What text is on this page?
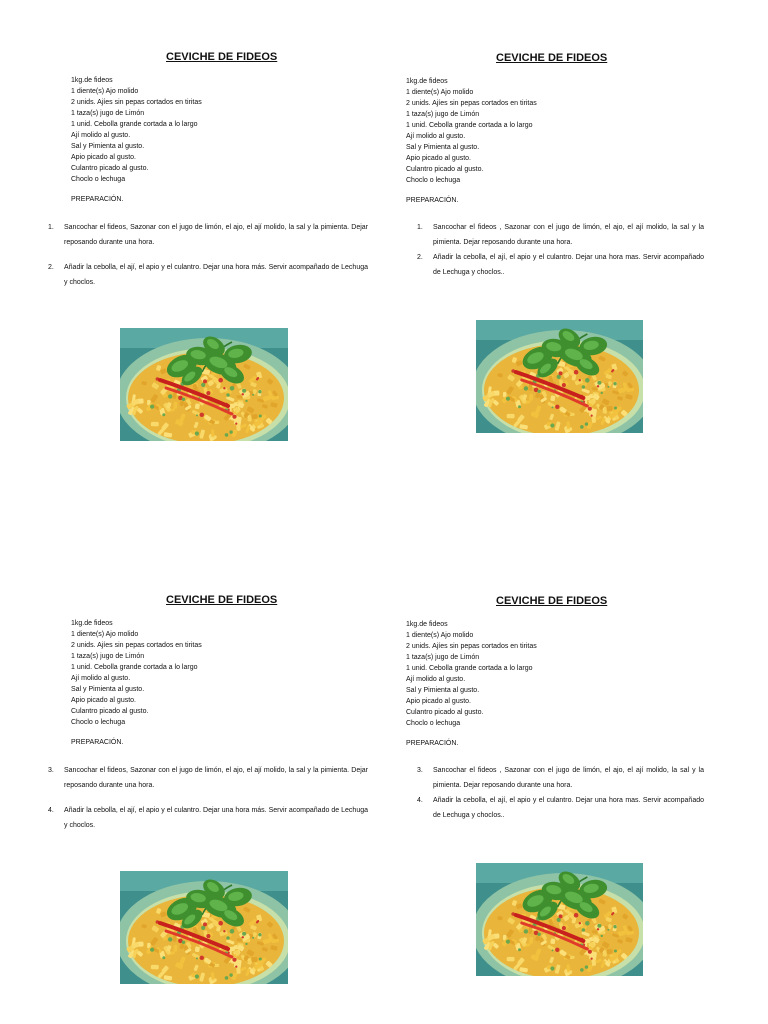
CEVICHE DE FIDEOS
1kg.de fideos
1 diente(s) Ajo molido
2 unids. Ajíes sin pepas cortados en tiritas
1 taza(s) jugo de Limón
1 unid. Cebolla grande cortada a lo largo
Ají molido al gusto.
Sal y Pimienta al gusto.
Apio picado al gusto.
Culantro picado al gusto.
Choclo o lechuga
PREPARACIÓN.
1. Sancochar el fideos, Sazonar con el jugo de limón, el ajo, el ají molido, la sal y la pimienta. Dejar reposando durante una hora.
2. Añadir la cebolla, el ají, el apio y el culantro. Dejar una hora más. Servir acompañado de Lechuga y choclos.
CEVICHE DE FIDEOS
1kg.de fideos
1 diente(s) Ajo molido
2 unids. Ajíes sin pepas cortados en tiritas
1 taza(s) jugo de Limón
1 unid. Cebolla grande cortada a lo largo
Ají molido al gusto.
Sal y Pimienta al gusto.
Apio picado al gusto.
Culantro picado al gusto.
Choclo o lechuga
PREPARACIÓN.
1. Sancochar el fideos , Sazonar con el jugo de limón, el ajo, el ají molido, la sal y la pimienta. Dejar reposando durante una hora.
2. Añadir la cebolla, el ají, el apio y el culantro. Dejar una hora mas. Servir acompañado de Lechuga y choclos..
CEVICHE DE FIDEOS
1kg.de fideos
1 diente(s) Ajo molido
2 unids. Ajíes sin pepas cortados en tiritas
1 taza(s) jugo de Limón
1 unid. Cebolla grande cortada a lo largo
Ají molido al gusto.
Sal y Pimienta al gusto.
Apio picado al gusto.
Culantro picado al gusto.
Choclo o lechuga
PREPARACIÓN.
3. Sancochar el fideos, Sazonar con el jugo de limón, el ajo, el ají molido, la sal y la pimienta. Dejar reposando durante una hora.
4. Añadir la cebolla, el ají, el apio y el culantro. Dejar una hora más. Servir acompañado de Lechuga y choclos.
CEVICHE DE FIDEOS
1kg.de fideos
1 diente(s) Ajo molido
2 unids. Ajíes sin pepas cortados en tiritas
1 taza(s) jugo de Limón
1 unid. Cebolla grande cortada a lo largo
Ají molido al gusto.
Sal y Pimienta al gusto.
Apio picado al gusto.
Culantro picado al gusto.
Choclo o lechuga
PREPARACIÓN.
3. Sancochar el fideos , Sazonar con el jugo de limón, el ajo, el ají molido, la sal y la pimienta. Dejar reposando durante una hora.
4. Añadir la cebolla, el ají, el apio y el culantro. Dejar una hora mas. Servir acompañado de Lechuga y choclos..
